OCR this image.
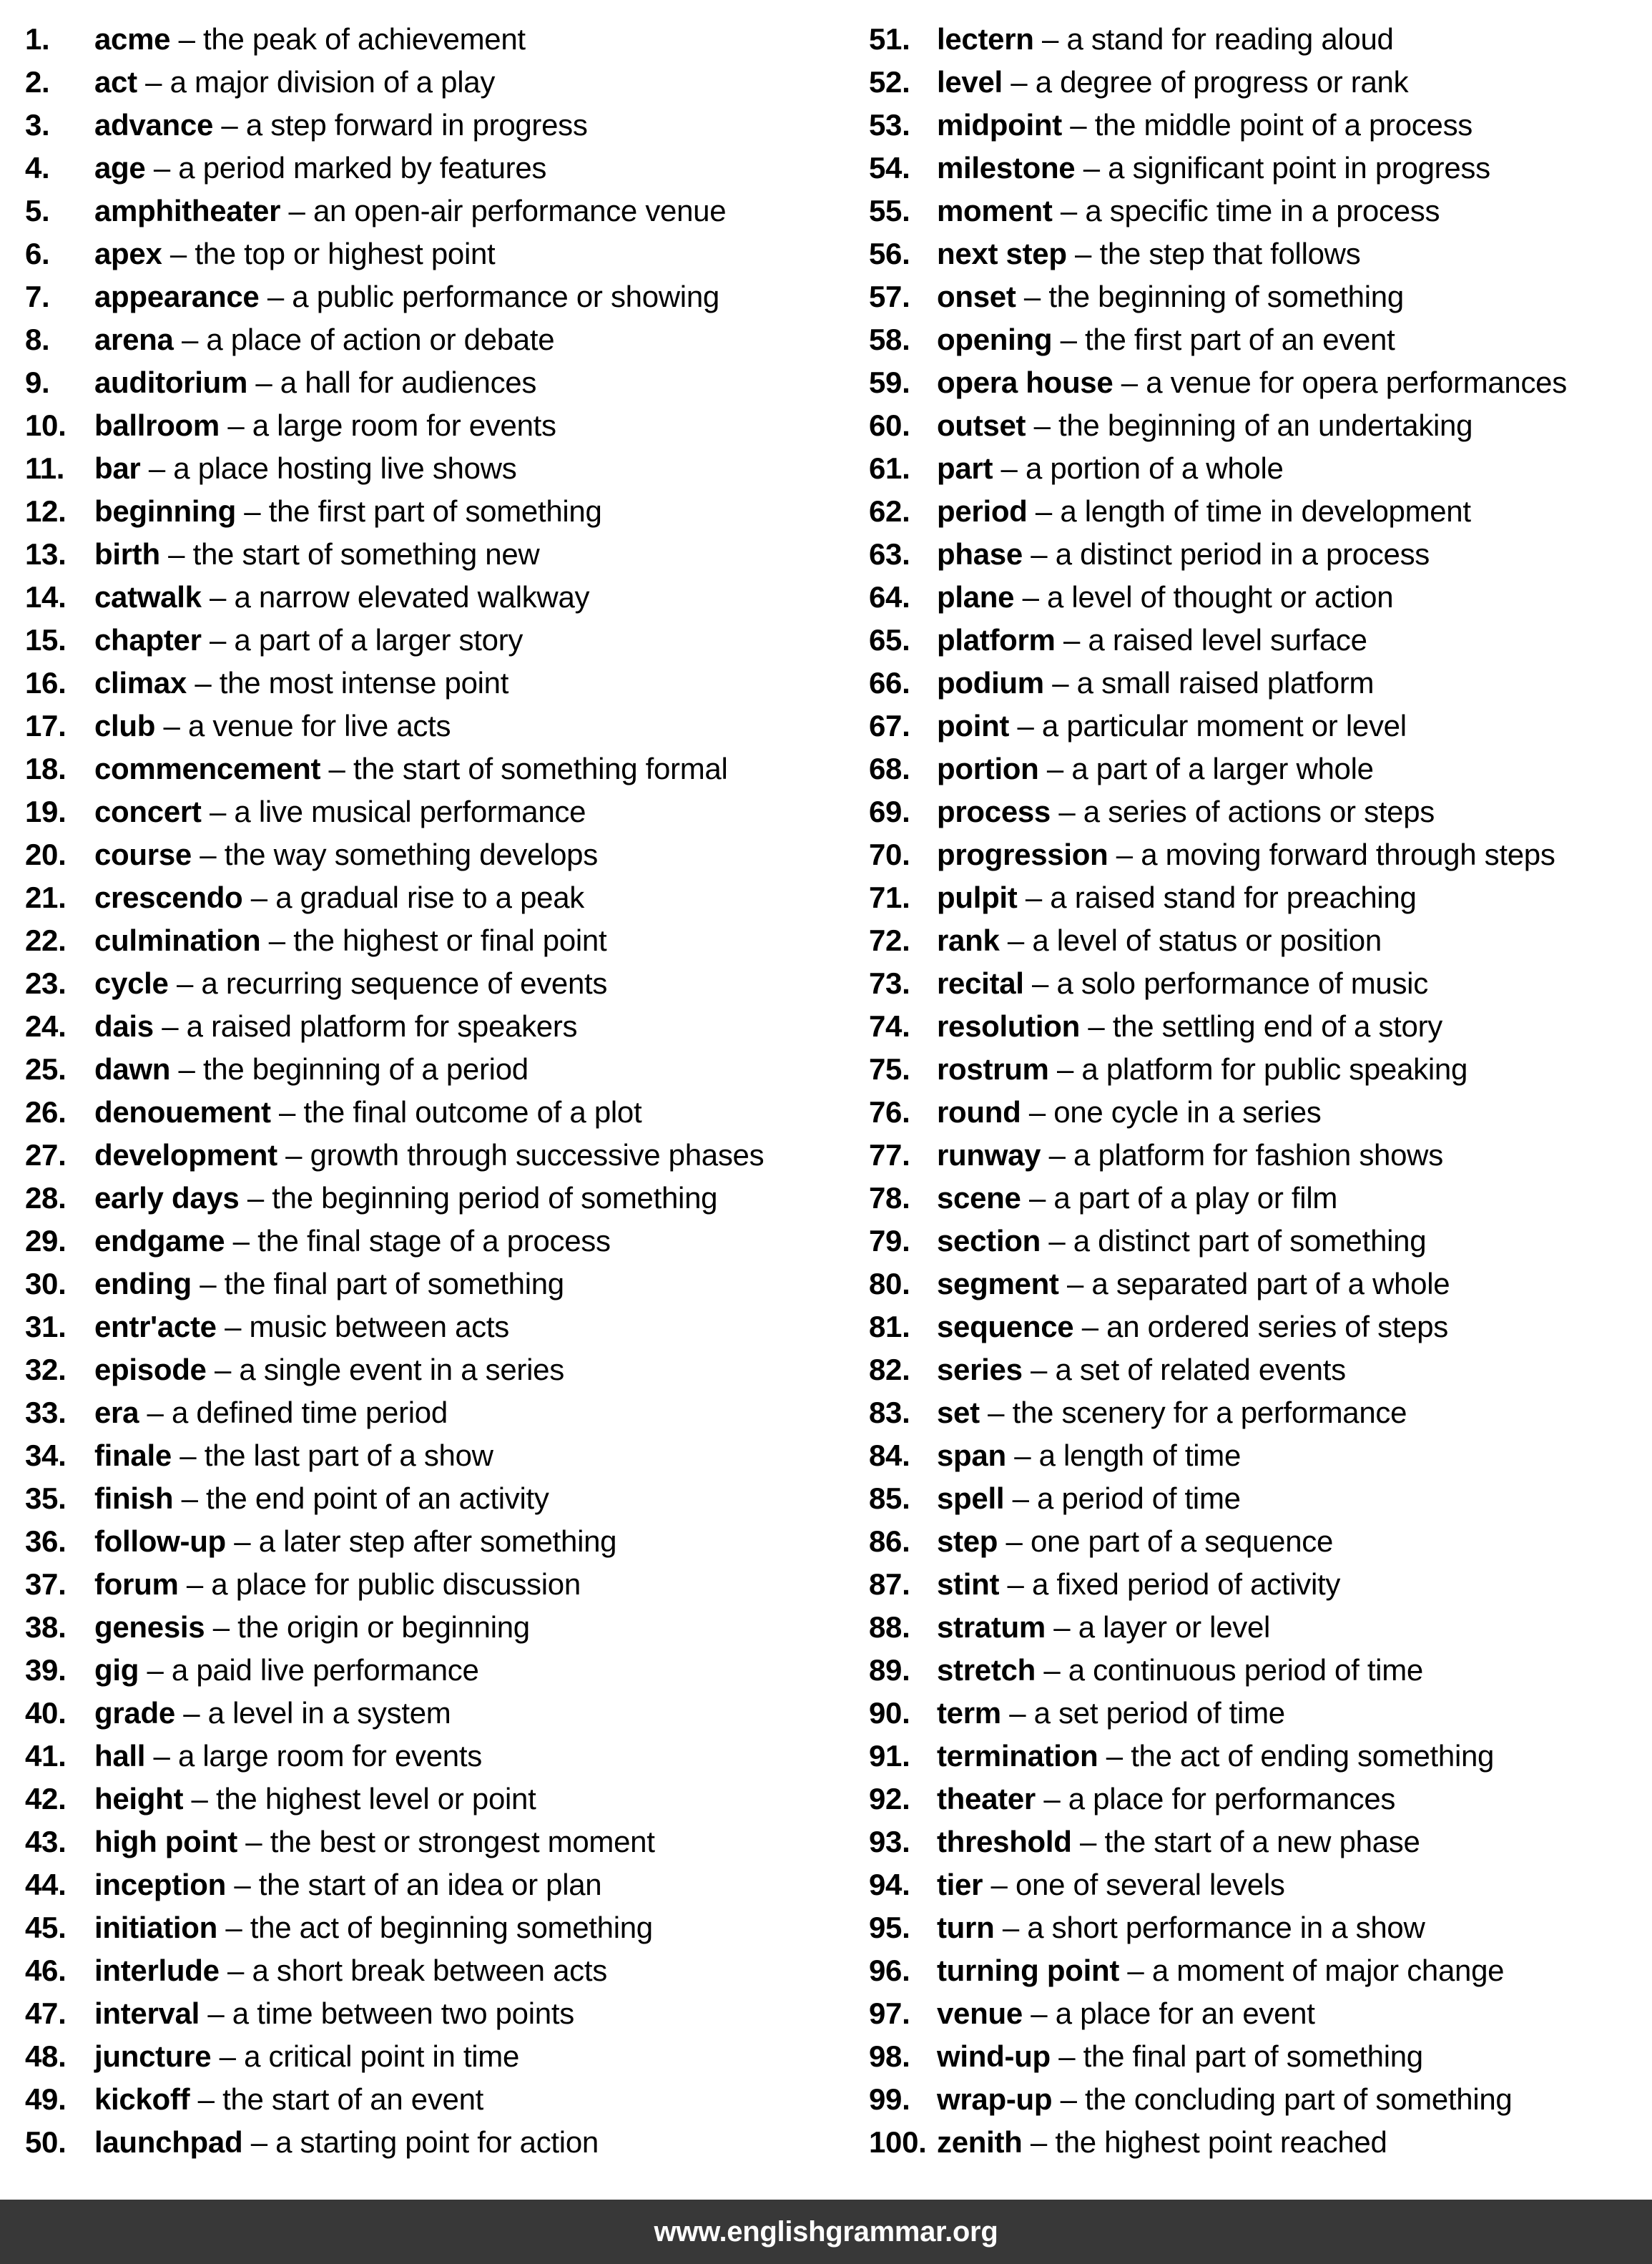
1.	acme – the peak of achievement
2.	act – a major division of a play
3.	advance – a step forward in progress
4.	age – a period marked by features
5.	amphitheater – an open-air performance venue
6.	apex – the top or highest point
7.	appearance – a public performance or showing
8.	arena – a place of action or debate
9.	auditorium – a hall for audiences
10. ballroom – a large room for events
11. bar – a place hosting live shows
12. beginning – the first part of something
13. birth – the start of something new
14. catwalk – a narrow elevated walkway
15. chapter – a part of a larger story
16. climax – the most intense point
17. club – a venue for live acts
18. commencement – the start of something formal
19. concert – a live musical performance
20. course – the way something develops
21. crescendo – a gradual rise to a peak
22. culmination – the highest or final point
23. cycle – a recurring sequence of events
24. dais – a raised platform for speakers
25. dawn – the beginning of a period
26. denouement – the final outcome of a plot
27. development – growth through successive phases
28. early days – the beginning period of something
29. endgame – the final stage of a process
30. ending – the final part of something
31. entr'acte – music between acts
32. episode – a single event in a series
33. era – a defined time period
34. finale – the last part of a show
35. finish – the end point of an activity
36. follow-up – a later step after something
37. forum – a place for public discussion
38. genesis – the origin or beginning
39. gig – a paid live performance
40. grade – a level in a system
41. hall – a large room for events
42. height – the highest level or point
43. high point – the best or strongest moment
44. inception – the start of an idea or plan
45. initiation – the act of beginning something
46. interlude – a short break between acts
47. interval – a time between two points
48. juncture – a critical point in time
49. kickoff – the start of an event
50. launchpad – a starting point for action
51. lectern – a stand for reading aloud
52. level – a degree of progress or rank
53. midpoint – the middle point of a process
54. milestone – a significant point in progress
55. moment – a specific time in a process
56. next step – the step that follows
57. onset – the beginning of something
58. opening – the first part of an event
59. opera house – a venue for opera performances
60. outset – the beginning of an undertaking
61. part – a portion of a whole
62. period – a length of time in development
63. phase – a distinct period in a process
64. plane – a level of thought or action
65. platform – a raised level surface
66. podium – a small raised platform
67. point – a particular moment or level
68. portion – a part of a larger whole
69. process – a series of actions or steps
70. progression – a moving forward through steps
71. pulpit – a raised stand for preaching
72. rank – a level of status or position
73. recital – a solo performance of music
74. resolution – the settling end of a story
75. rostrum – a platform for public speaking
76. round – one cycle in a series
77. runway – a platform for fashion shows
78. scene – a part of a play or film
79. section – a distinct part of something
80. segment – a separated part of a whole
81. sequence – an ordered series of steps
82. series – a set of related events
83. set – the scenery for a performance
84. span – a length of time
85. spell – a period of time
86. step – one part of a sequence
87. stint – a fixed period of activity
88. stratum – a layer or level
89. stretch – a continuous period of time
90. term – a set period of time
91. termination – the act of ending something
92. theater – a place for performances
93. threshold – the start of a new phase
94. tier – one of several levels
95. turn – a short performance in a show
96. turning point – a moment of major change
97. venue – a place for an event
98. wind-up – the final part of something
99. wrap-up – the concluding part of something
100. zenith – the highest point reached
www.englishgrammar.org
